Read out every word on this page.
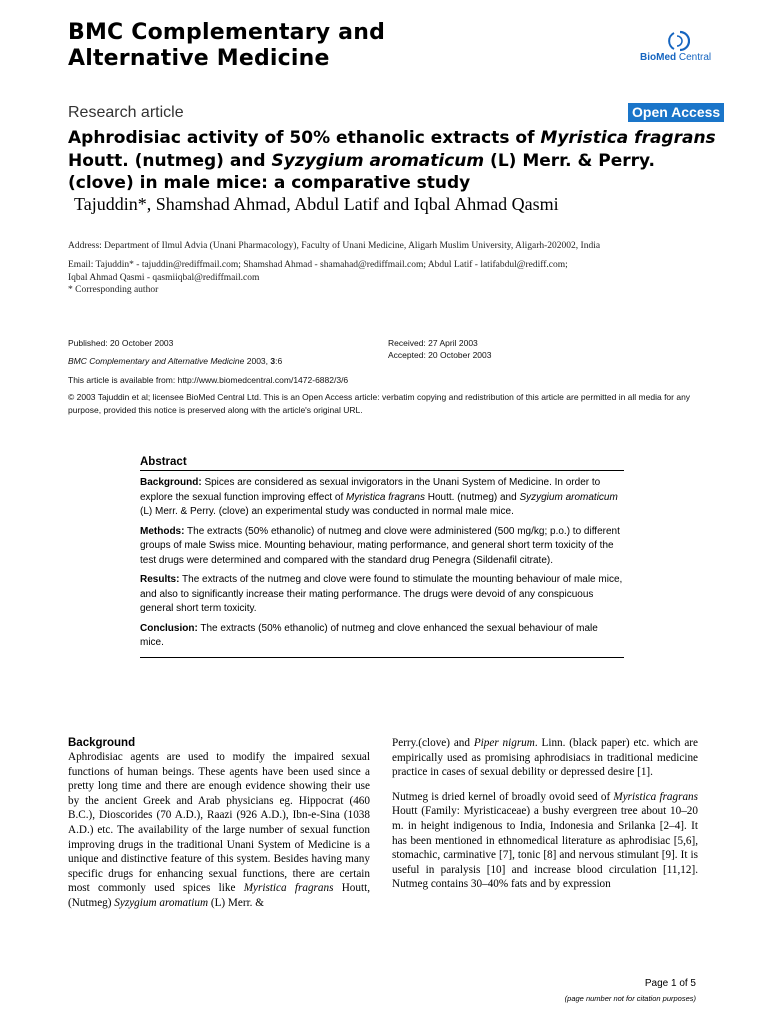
BMC Complementary and
Alternative Medicine	BioMed Central
Research article	Open Access
Aphrodisiac activity of 50% ethanolic extracts of Myristica fragrans Houtt. (nutmeg) and Syzygium aromaticum (L) Merr. & Perry. (clove) in male mice: a comparative study
Tajuddin*, Shamshad Ahmad, Abdul Latif and Iqbal Ahmad Qasmi
Address: Department of Ilmul Advia (Unani Pharmacology), Faculty of Unani Medicine, Aligarh Muslim University, Aligarh-202002, India
Email: Tajuddin* - tajuddin@rediffmail.com; Shamshad Ahmad - shamahad@rediffmail.com; Abdul Latif - latifabdul@rediff.com;
Iqbal Ahmad Qasmi - qasmiiqbal@rediffmail.com
* Corresponding author
Published: 20 October 2003
BMC Complementary and Alternative Medicine 2003, 3:6
Received: 27 April 2003
Accepted: 20 October 2003
This article is available from: http://www.biomedcentral.com/1472-6882/3/6
© 2003 Tajuddin et al; licensee BioMed Central Ltd. This is an Open Access article: verbatim copying and redistribution of this article are permitted in all media for any purpose, provided this notice is preserved along with the article's original URL.
Abstract

Background: Spices are considered as sexual invigorators in the Unani System of Medicine. In order to explore the sexual function improving effect of Myristica fragrans Houtt. (nutmeg) and Syzygium aromaticum (L) Merr. & Perry. (clove) an experimental study was conducted in normal male mice.

Methods: The extracts (50% ethanolic) of nutmeg and clove were administered (500 mg/kg; p.o.) to different groups of male Swiss mice. Mounting behaviour, mating performance, and general short term toxicity of the test drugs were determined and compared with the standard drug Penegra (Sildenafil citrate).

Results: The extracts of the nutmeg and clove were found to stimulate the mounting behaviour of male mice, and also to significantly increase their mating performance. The drugs were devoid of any conspicuous general short term toxicity.

Conclusion: The extracts (50% ethanolic) of nutmeg and clove enhanced the sexual behaviour of male mice.

Background
Aphrodisiac agents are used to modify the impaired sexual functions of human beings. These agents have been used since a pretty long time and there are enough evidence showing their use by the ancient Greek and Arab physicians eg. Hippocrat (460 B.C.), Dioscorides (70 A.D.), Raazi (926 A.D.), Ibn-e-Sina (1038 A.D.) etc. The availability of the large number of sexual function improving drugs in the traditional Unani System of Medicine is a unique and distinctive feature of this system. Besides having many specific drugs for enhancing sexual functions, there are certain most commonly used spices like Myristica fragrans Houtt, (Nutmeg) Syzygium aromatium (L) Merr. &

Perry.(clove) and Piper nigrum. Linn. (black paper) etc. which are empirically used as promising aphrodisiacs in traditional medicine practice in cases of sexual debility or depressed desire [1].

Nutmeg is dried kernel of broadly ovoid seed of Myristica fragrans Houtt (Family: Myristicaceae) a bushy evergreen tree about 10–20 m. in height indigenous to India, Indonesia and Srilanka [2–4]. It has been mentioned in ethnomedical literature as aphrodisiac [5,6], stomachic, carminative [7], tonic [8] and nervous stimulant [9]. It is useful in paralysis [10] and increase blood circulation [11,12]. Nutmeg contains 30–40% fats and by expression

Page 1 of 5
(page number not for citation purposes)
